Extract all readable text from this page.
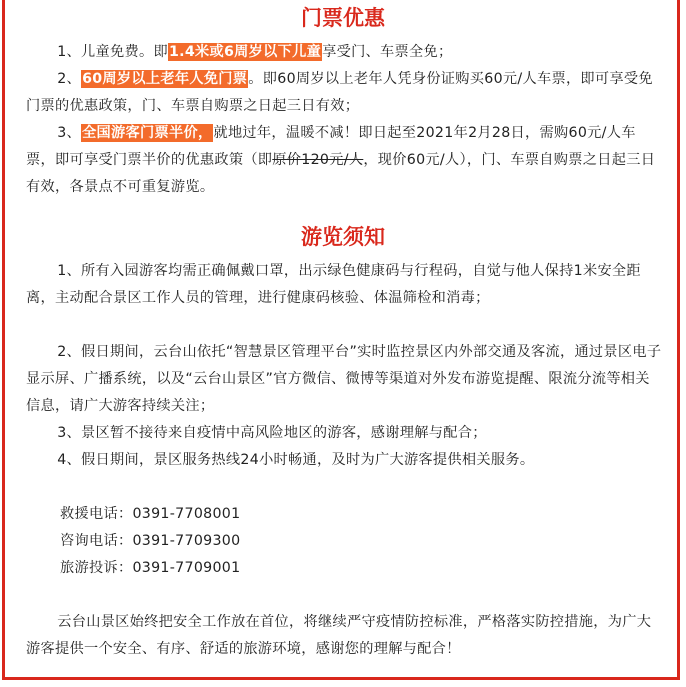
门票优惠
1、儿童免费。即1.4米或6周岁以下儿童享受门、车票全免；
2、60周岁以上老年人免门票。即60周岁以上老年人凭身份证购买60元/人车票，即可享受免门票的优惠政策，门、车票自购票之日起三日有效；
3、全国游客门票半价，就地过年，温暖不减！即日起至2021年2月28日，需购60元/人车票，即可享受门票半价的优惠政策（即原价120元/人，现价60元/人），门、车票自购票之日起三日有效，各景点不可重复游览。
游览须知
1、所有入园游客均需正确佩戴口罩，出示绿色健康码与行程码，自觉与他人保持1米安全距离，主动配合景区工作人员的管理，进行健康码核验、体温筛检和消毒；
2、假日期间，云台山依托“智慧景区管理平台”实时监控景区内外部交通及客流，通过景区电子显示屏、广播系统，以及“云台山景区”官方微信、微博等渠道对外发布游览提醒、限流分流等相关信息，请广大游客持续关注；
3、景区暂不接待来自疫情中高风险地区的游客，感谢理解与配合；
4、假日期间，景区服务热线24小时畅通，及时为广大游客提供相关服务。
救援电话：0391-7708001
咨询电话：0391-7709300
旅游投诉：0391-7709001
云台山景区始终把安全工作放在首位，将继续严守疫情防控标准，严格落实防控措施，为广大游客提供一个安全、有序、舒适的旅游环境，感谢您的理解与配合！
